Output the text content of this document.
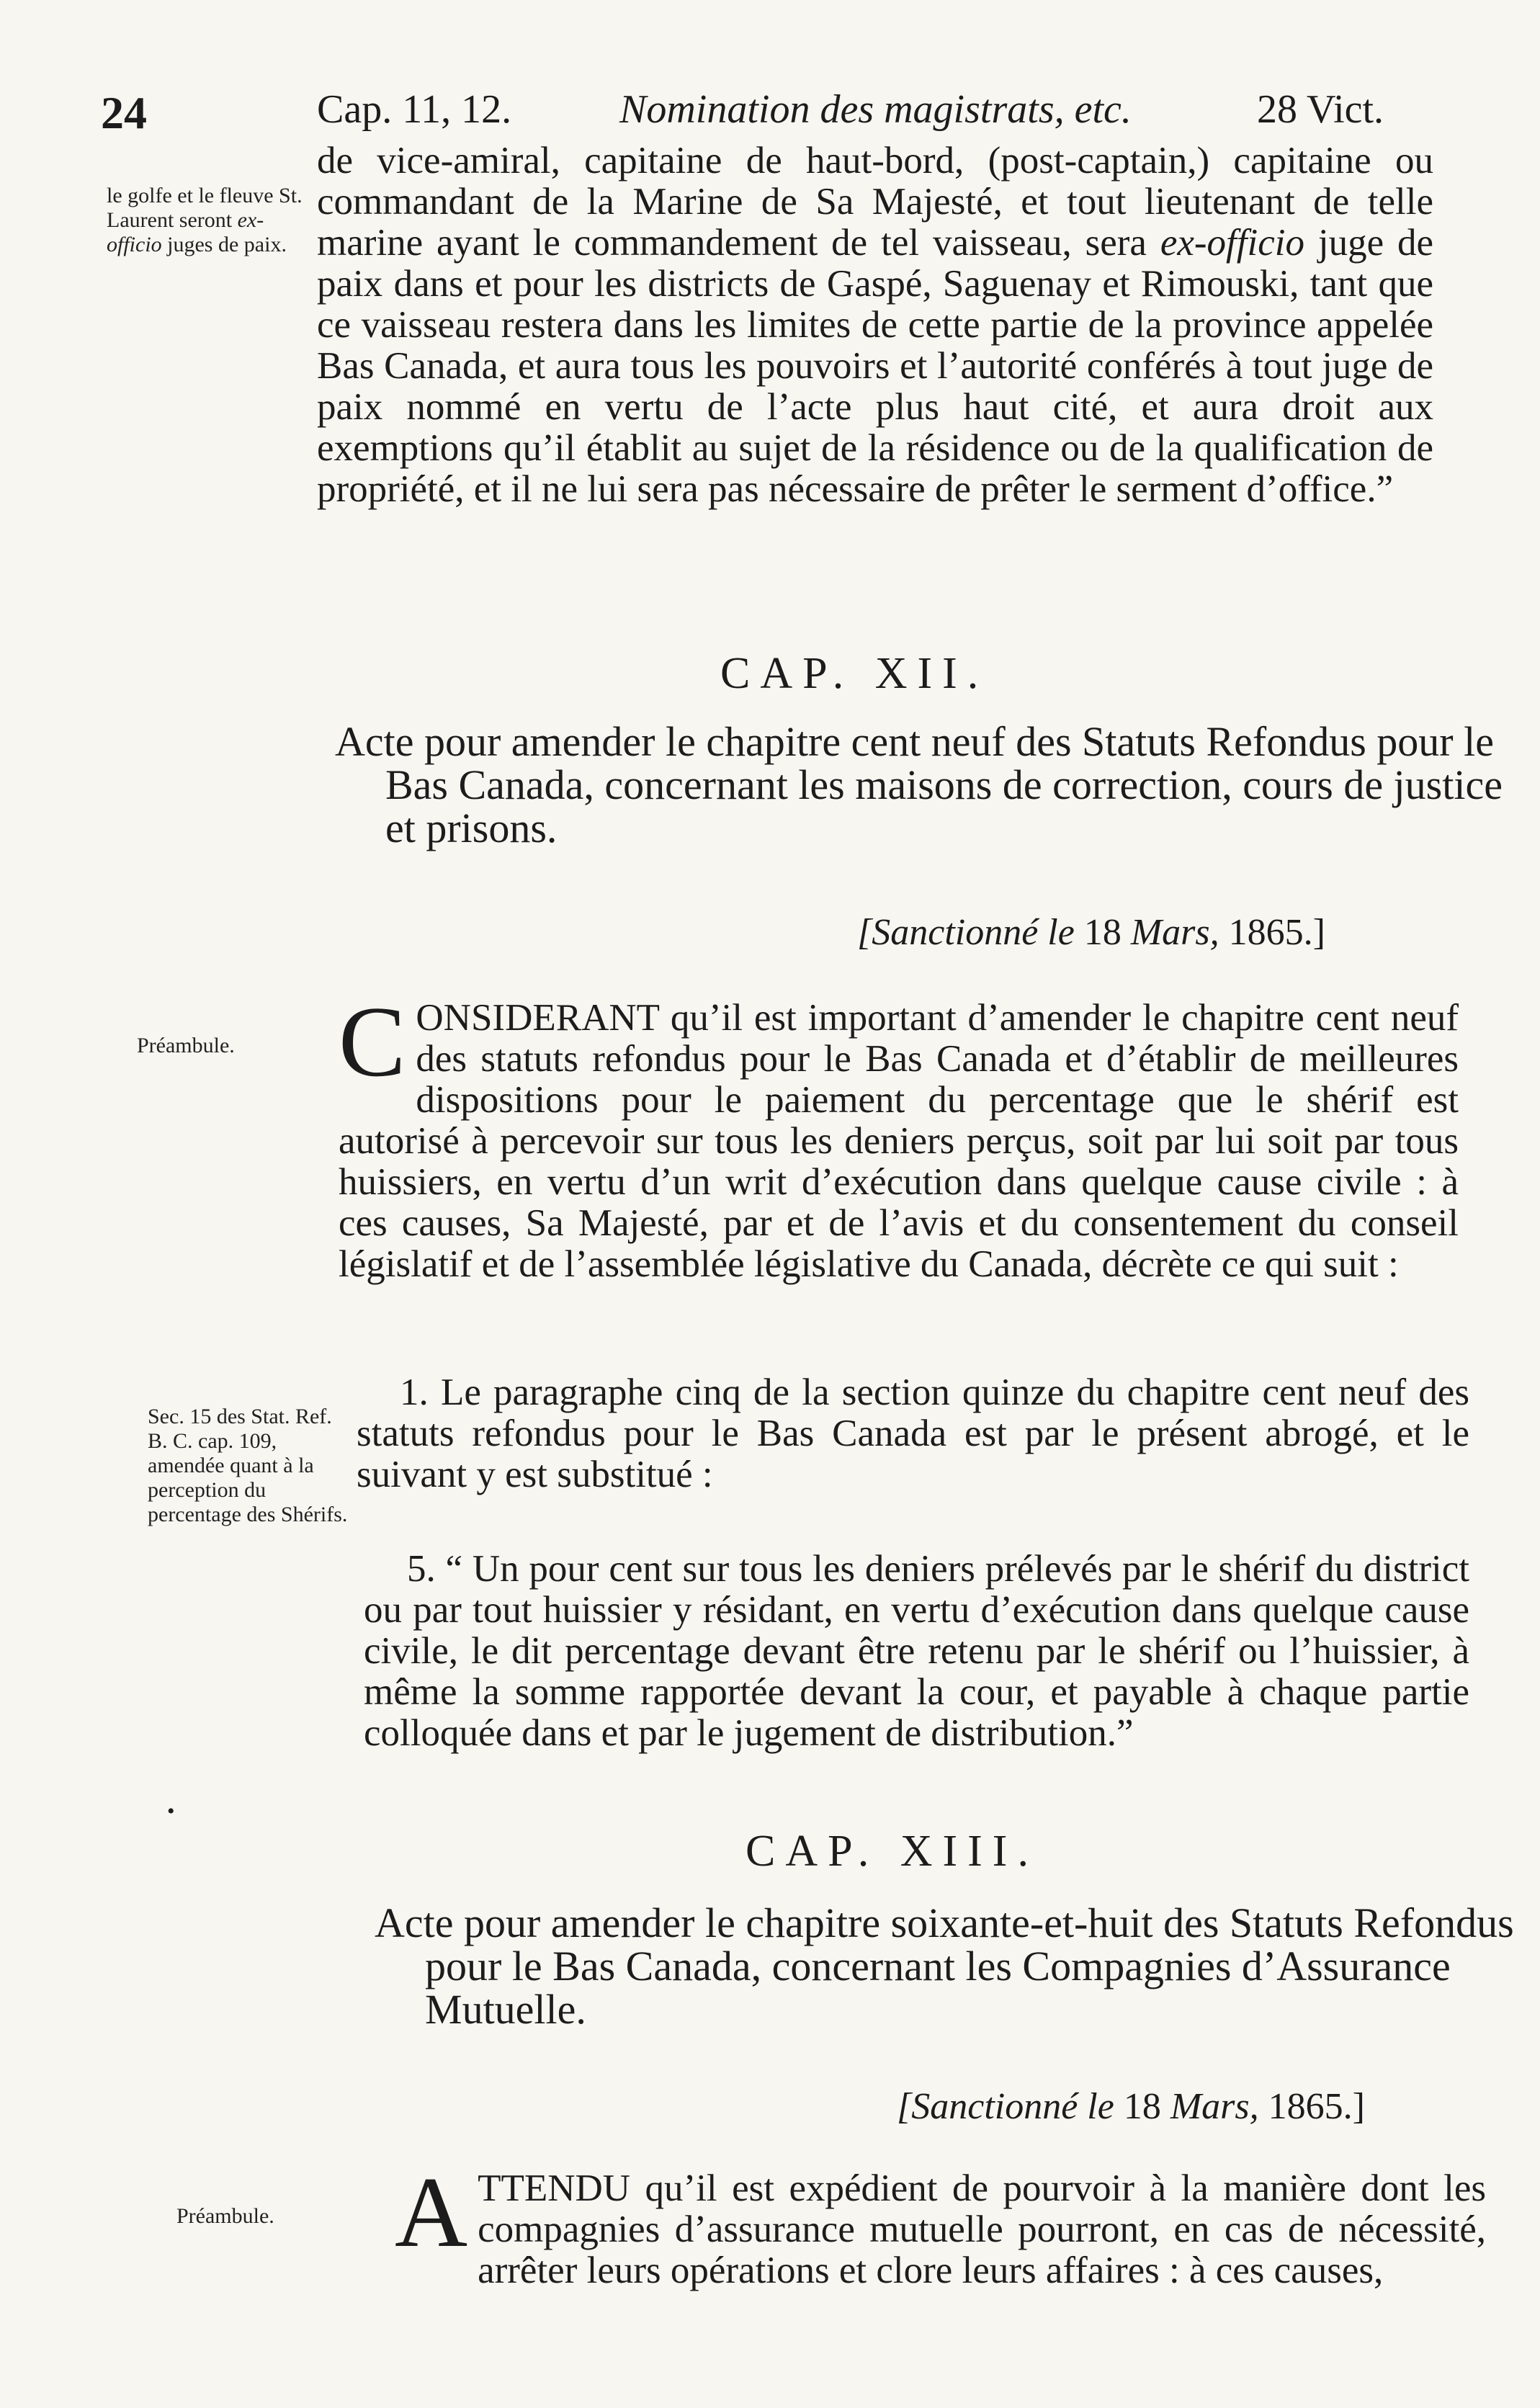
24	Cap. 11, 12.	Nomination des magistrats, etc.	28 Vict.
le golfe et le fleuve St. Laurent seront ex-officio juges de paix.
de vice-amiral, capitaine de haut-bord, (post-captain,) capitaine ou commandant de la Marine de Sa Majesté, et tout lieutenant de telle marine ayant le commandement de tel vaisseau, sera ex-officio juge de paix dans et pour les districts de Gaspé, Saguenay et Rimouski, tant que ce vaisseau restera dans les limites de cette partie de la province appelée Bas Canada, et aura tous les pouvoirs et l’autorité conférés à tout juge de paix nommé en vertu de l’acte plus haut cité, et aura droit aux exemptions qu’il établit au sujet de la résidence ou de la qualification de propriété, et il ne lui sera pas nécessaire de prêter le serment d’office.”
CAP. XII.
Acte pour amender le chapitre cent neuf des Statuts Refondus pour le Bas Canada, concernant les maisons de correction, cours de justice et prisons.
[Sanctionné le 18 Mars, 1865.]
Préambule. C ONSIDERANT qu’il est important d’amender le chapitre cent neuf des statuts refondus pour le Bas Canada et d’établir de meilleures dispositions pour le paiement du percentage que le shérif est autorisé à percevoir sur tous les deniers perçus, soit par lui soit par tous huissiers, en vertu d’un writ d’exécution dans quelque cause civile : à ces causes, Sa Majesté, par et de l’avis et du consentement du conseil législatif et de l’assemblée législative du Canada, décrète ce qui suit :
Sec. 15 des Stat. Ref. B. C. cap. 109, amendée quant à la perception du percentage des Shérifs.
1. Le paragraphe cinq de la section quinze du chapitre cent neuf des statuts refondus pour le Bas Canada est par le présent abrogé, et le suivant y est substitué :
5. “ Un pour cent sur tous les deniers prélevés par le shérif du district ou par tout huissier y résidant, en vertu d’exécution dans quelque cause civile, le dit percentage devant être retenu par le shérif ou l’huissier, à même la somme rapportée devant la cour, et payable à chaque partie colloquée dans et par le jugement de distribution.”
•
CAP. XIII.
Acte pour amender le chapitre soixante-et-huit des Statuts Refondus pour le Bas Canada, concernant les Compagnies d’Assurance Mutuelle.
[Sanctionné le 18 Mars, 1865.]
Préambule. A TTENDU qu’il est expédient de pourvoir à la manière dont les compagnies d’assurance mutuelle pourront, en cas de nécessité, arrêter leurs opérations et clore leurs affaires : à ces causes,
